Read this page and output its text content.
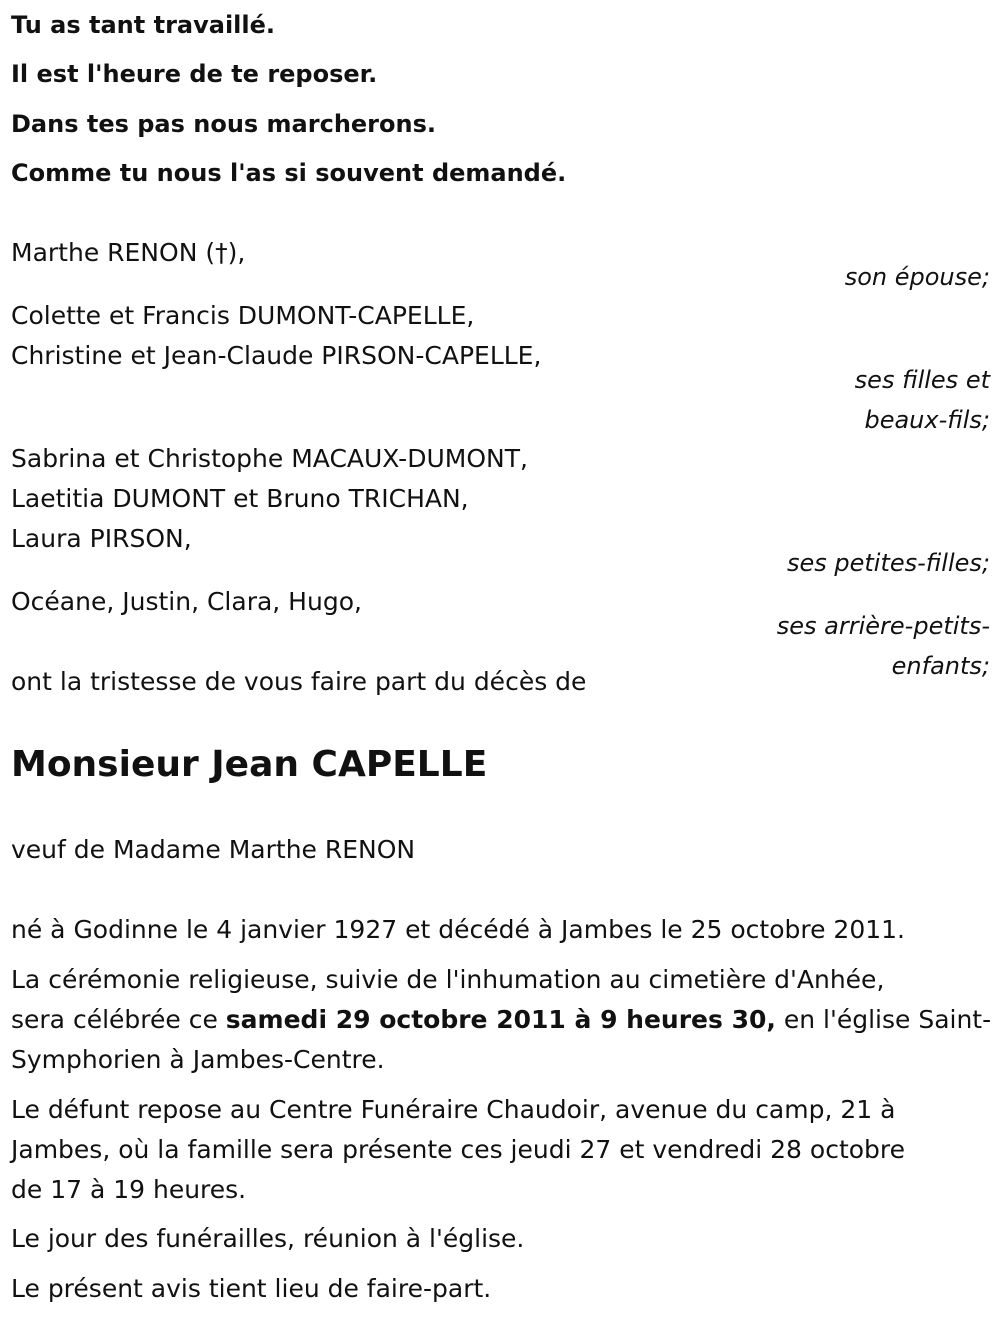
Tu as tant travaillé.
Il est l'heure de te reposer.
Dans tes pas nous marcherons.
Comme tu nous l'as si souvent demandé.
Marthe RENON (†),
son épouse;
Colette et Francis DUMONT-CAPELLE,
Christine et Jean-Claude PIRSON-CAPELLE,
ses filles et
beaux-fils;
Sabrina et Christophe MACAUX-DUMONT,
Laetitia DUMONT et Bruno TRICHAN,
Laura PIRSON,
ses petites-filles;
Océane, Justin, Clara, Hugo,
ses arrière-petits-
enfants;
ont la tristesse de vous faire part du décès de
Monsieur Jean CAPELLE
veuf de Madame Marthe RENON
né à Godinne le 4 janvier 1927 et décédé à Jambes le 25 octobre 2011.
La cérémonie religieuse, suivie de l'inhumation au cimetière d'Anhée,
sera célébrée ce samedi 29 octobre 2011 à 9 heures 30, en l'église Saint-
Symphorien à Jambes-Centre.
Le défunt repose au Centre Funéraire Chaudoir, avenue du camp, 21 à
Jambes, où la famille sera présente ces jeudi 27 et vendredi 28 octobre
de 17 à 19 heures.
Le jour des funérailles, réunion à l'église.
Le présent avis tient lieu de faire-part.
